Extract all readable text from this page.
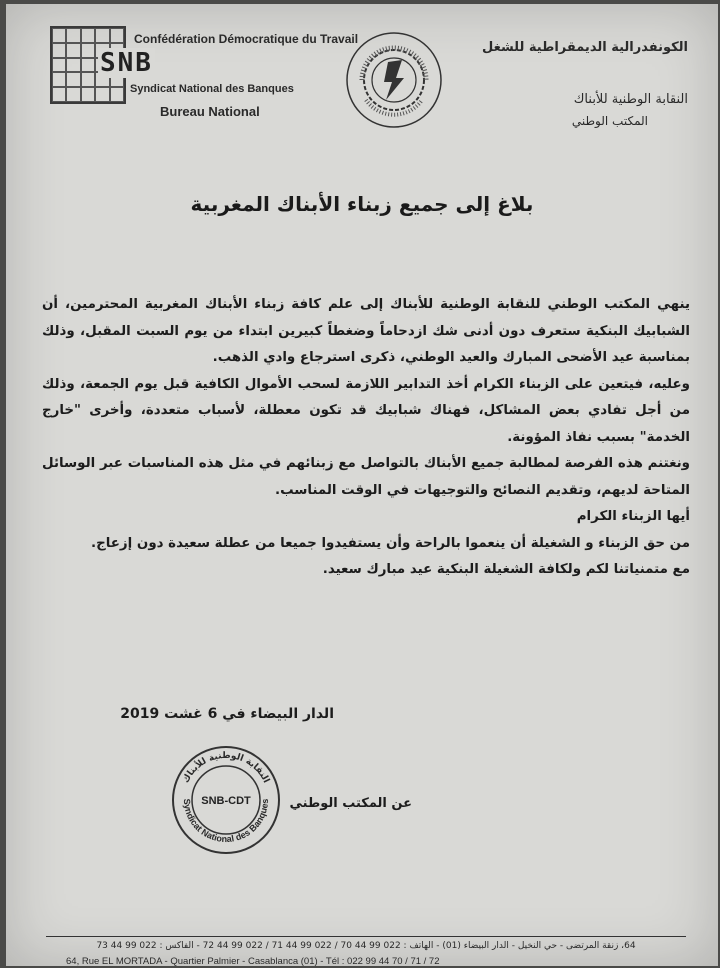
SNB
Confédération Démocratique du Travail
Syndicat National des Banques
Bureau National
الكونفدرالية الديمقراطية للشغل
النقابة الوطنية للأبناك
المكتب الوطني
بلاغ إلى جميع زبناء الأبناك المغربية

ينهي المكتب الوطني للنقابة الوطنية للأبناك إلى علم كافة زبناء الأبناك المغربية المحترمين، أن الشبابيك البنكية ستعرف دون أدنى شك ازدحاماً وضغطاً كبيرين ابتداء من يوم السبت المقبل، وذلك بمناسبة عيد الأضحى المبارك والعيد الوطني، ذكرى استرجاع وادي الذهب.

وعليه، فيتعين على الزبناء الكرام أخذ التدابير اللازمة لسحب الأموال الكافية قبل يوم الجمعة، وذلك من أجل تفادي بعض المشاكل، فهناك شبابيك قد تكون معطلة، لأسباب متعددة، وأخرى "خارج الخدمة" بسبب نفاذ المؤونة.

ونغتنم هذه الفرصة لمطالبة جميع الأبناك بالتواصل مع زبنائهم في مثل هذه المناسبات عبر الوسائل المتاحة لديهم، وتقديم النصائح والتوجيهات في الوقت المناسب.

أيها الزبناء الكرام

من حق الزبناء و الشغيلة أن ينعموا بالراحة وأن يستفيدوا جميعا من عطلة سعيدة دون إزعاج.

مع متمنياتنا لكم ولكافة الشغيلة البنكية عيد مبارك سعيد.

الدار البيضاء في 6 غشت 2019
النقابة الوطنية للأبناك
Syndicat National des Banques
SNB-CDT	عن المكتب الوطني
64، زنقة المرتضى - حي النخيل - الدار البيضاء (01) - الهاتف : 022 99 44 70 / 022 99 44 71 / 022 99 44 72 - الفاكس : 022 99 44 73
64, Rue EL MORTADA - Quartier Palmier - Casablanca (01) - Tél : 022 99 44 70 / 71 / 72
